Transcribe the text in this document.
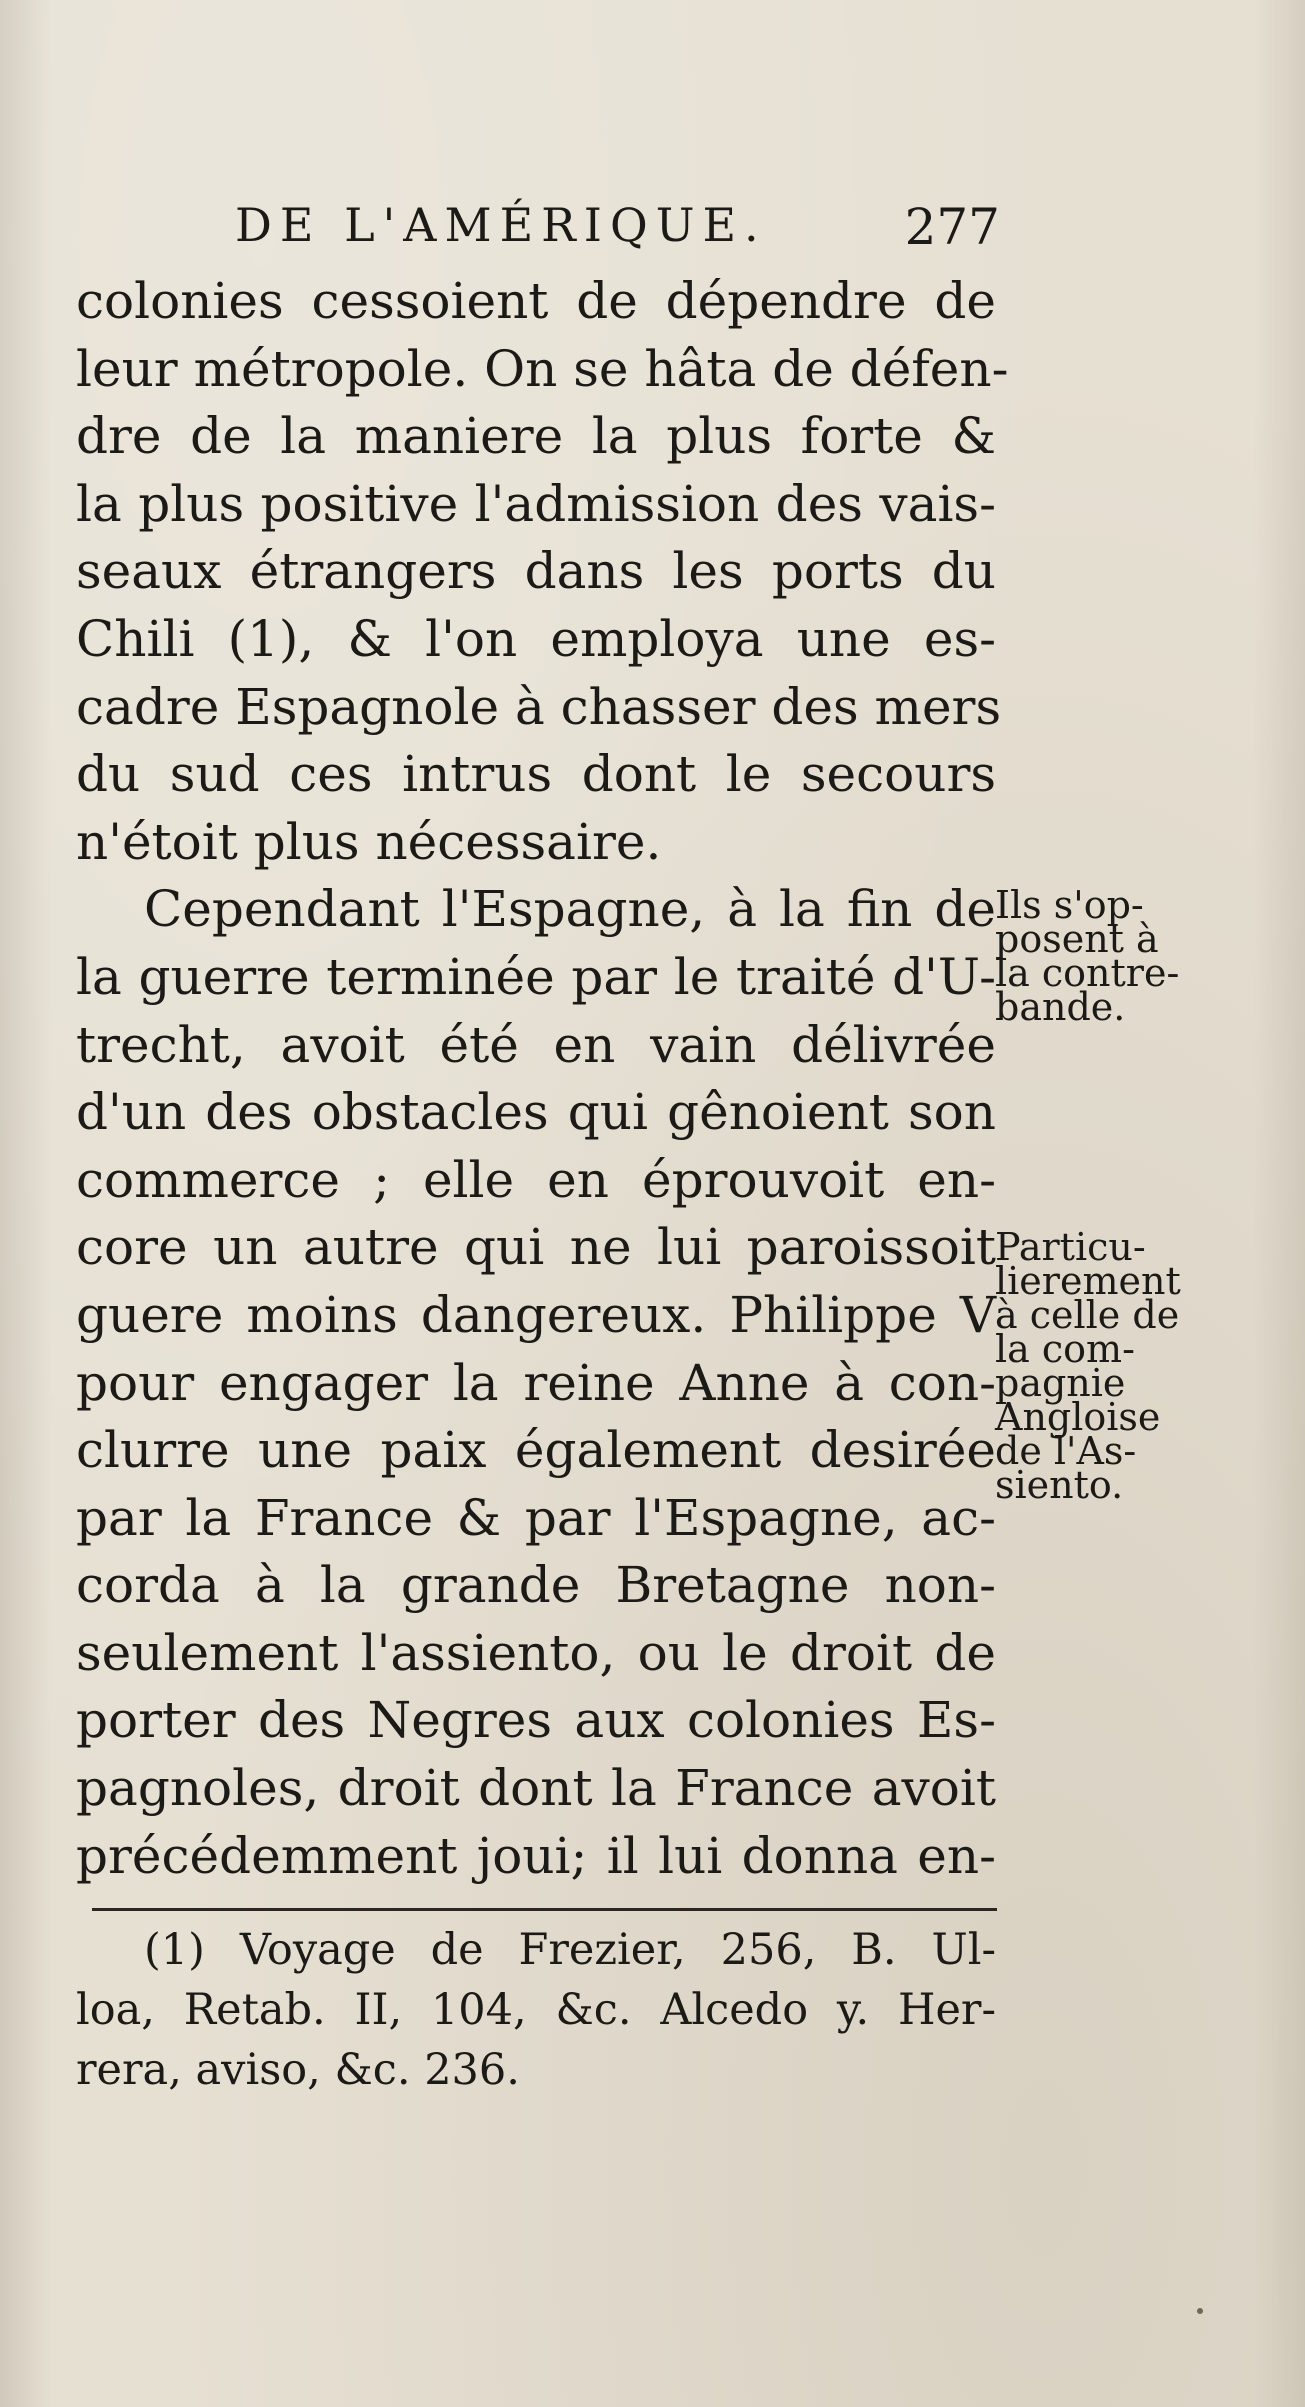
DE L'AMÉRIQUE.	277
colonies cessoient de dépendre de
leur métropole. On se hâta de défen-
dre de la maniere la plus forte &
la plus positive l'admission des vais-
seaux étrangers dans les ports du
Chili (1), & l'on employa une es-
cadre Espagnole à chasser des mers
du sud ces intrus dont le secours
n'étoit plus nécessaire.
Cependant l'Espagne, à la fin de
la guerre terminée par le traité d'U-
trecht, avoit été en vain délivrée
d'un des obstacles qui gênoient son
commerce ; elle en éprouvoit en-
core un autre qui ne lui paroissoit
guere moins dangereux. Philippe V
pour engager la reine Anne à con-
clurre une paix également desirée
par la France & par l'Espagne, ac-
corda à la grande Bretagne non-
seulement l'assiento, ou le droit de
porter des Negres aux colonies Es-
pagnoles, droit dont la France avoit
précédemment joui; il lui donna en-
Ils s'op-
posent à
la contre-
bande.
Particu-
lierement
à celle de
la com-
pagnie
Angloise
de l'As-
siento.
(1) Voyage de Frezier, 256, B. Ul-
loa, Retab. II, 104, &c. Alcedo y. Her-
rera, aviso, &c. 236.
